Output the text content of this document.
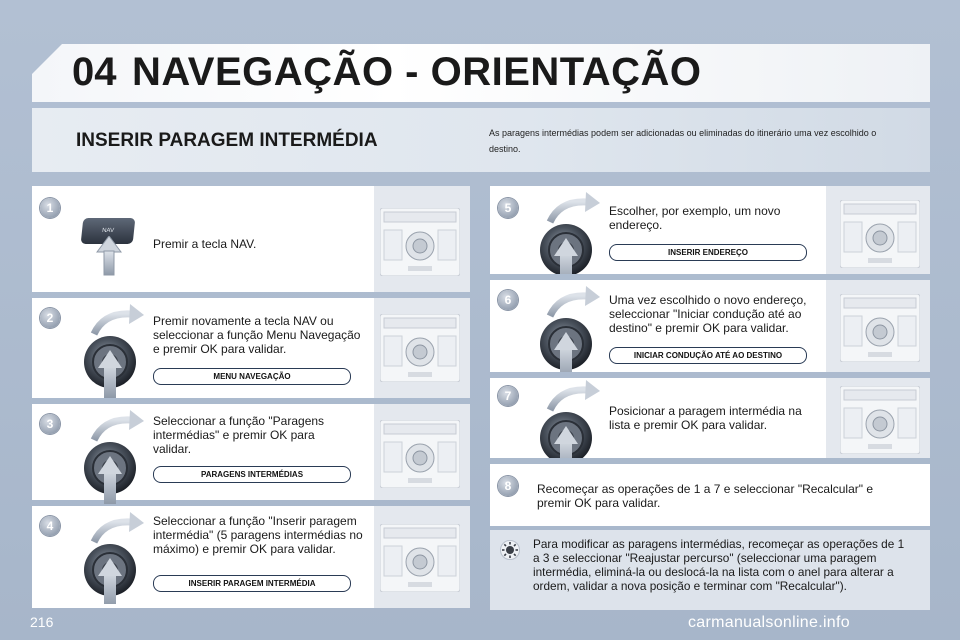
04 NAVEGAÇÃO - ORIENTAÇÃO
INSERIR PARAGEM INTERMÉDIA	As paragens intermédias podem ser adicionadas ou eliminadas do itinerário uma vez escolhido o destino.
1
NAV
Premir a tecla NAV.
2	Premir novamente a tecla NAV ou seleccionar a função Menu Navegação e premir OK para validar.
MENU NAVEGAÇÃO
3	Seleccionar a função "Paragens intermédias" e premir OK para validar.
PARAGENS INTERMÉDIAS
4	Seleccionar a função "Inserir paragem intermédia" (5 paragens intermédias no máximo) e premir OK para validar.
INSERIR PARAGEM INTERMÉDIA
5	Escolher, por exemplo, um novo endereço.
INSERIR ENDEREÇO
6	Uma vez escolhido o novo endereço, seleccionar "Iniciar condução até ao destino" e premir OK para validar.
INICIAR CONDUÇÃO ATÉ AO DESTINO
7
Posicionar a paragem intermédia na lista e premir OK para validar.
8	Recomeçar as operações de 1 a 7 e seleccionar "Recalcular" e premir OK para validar.
Para modificar as paragens intermédias, recomeçar as operações de 1 a 3 e seleccionar "Reajustar percurso" (seleccionar uma paragem intermédia, eliminá-la ou deslocá-la na lista com o anel para alterar a ordem, validar a nova posição e terminar com "Recalcular").
216	carmanualsonline.info
